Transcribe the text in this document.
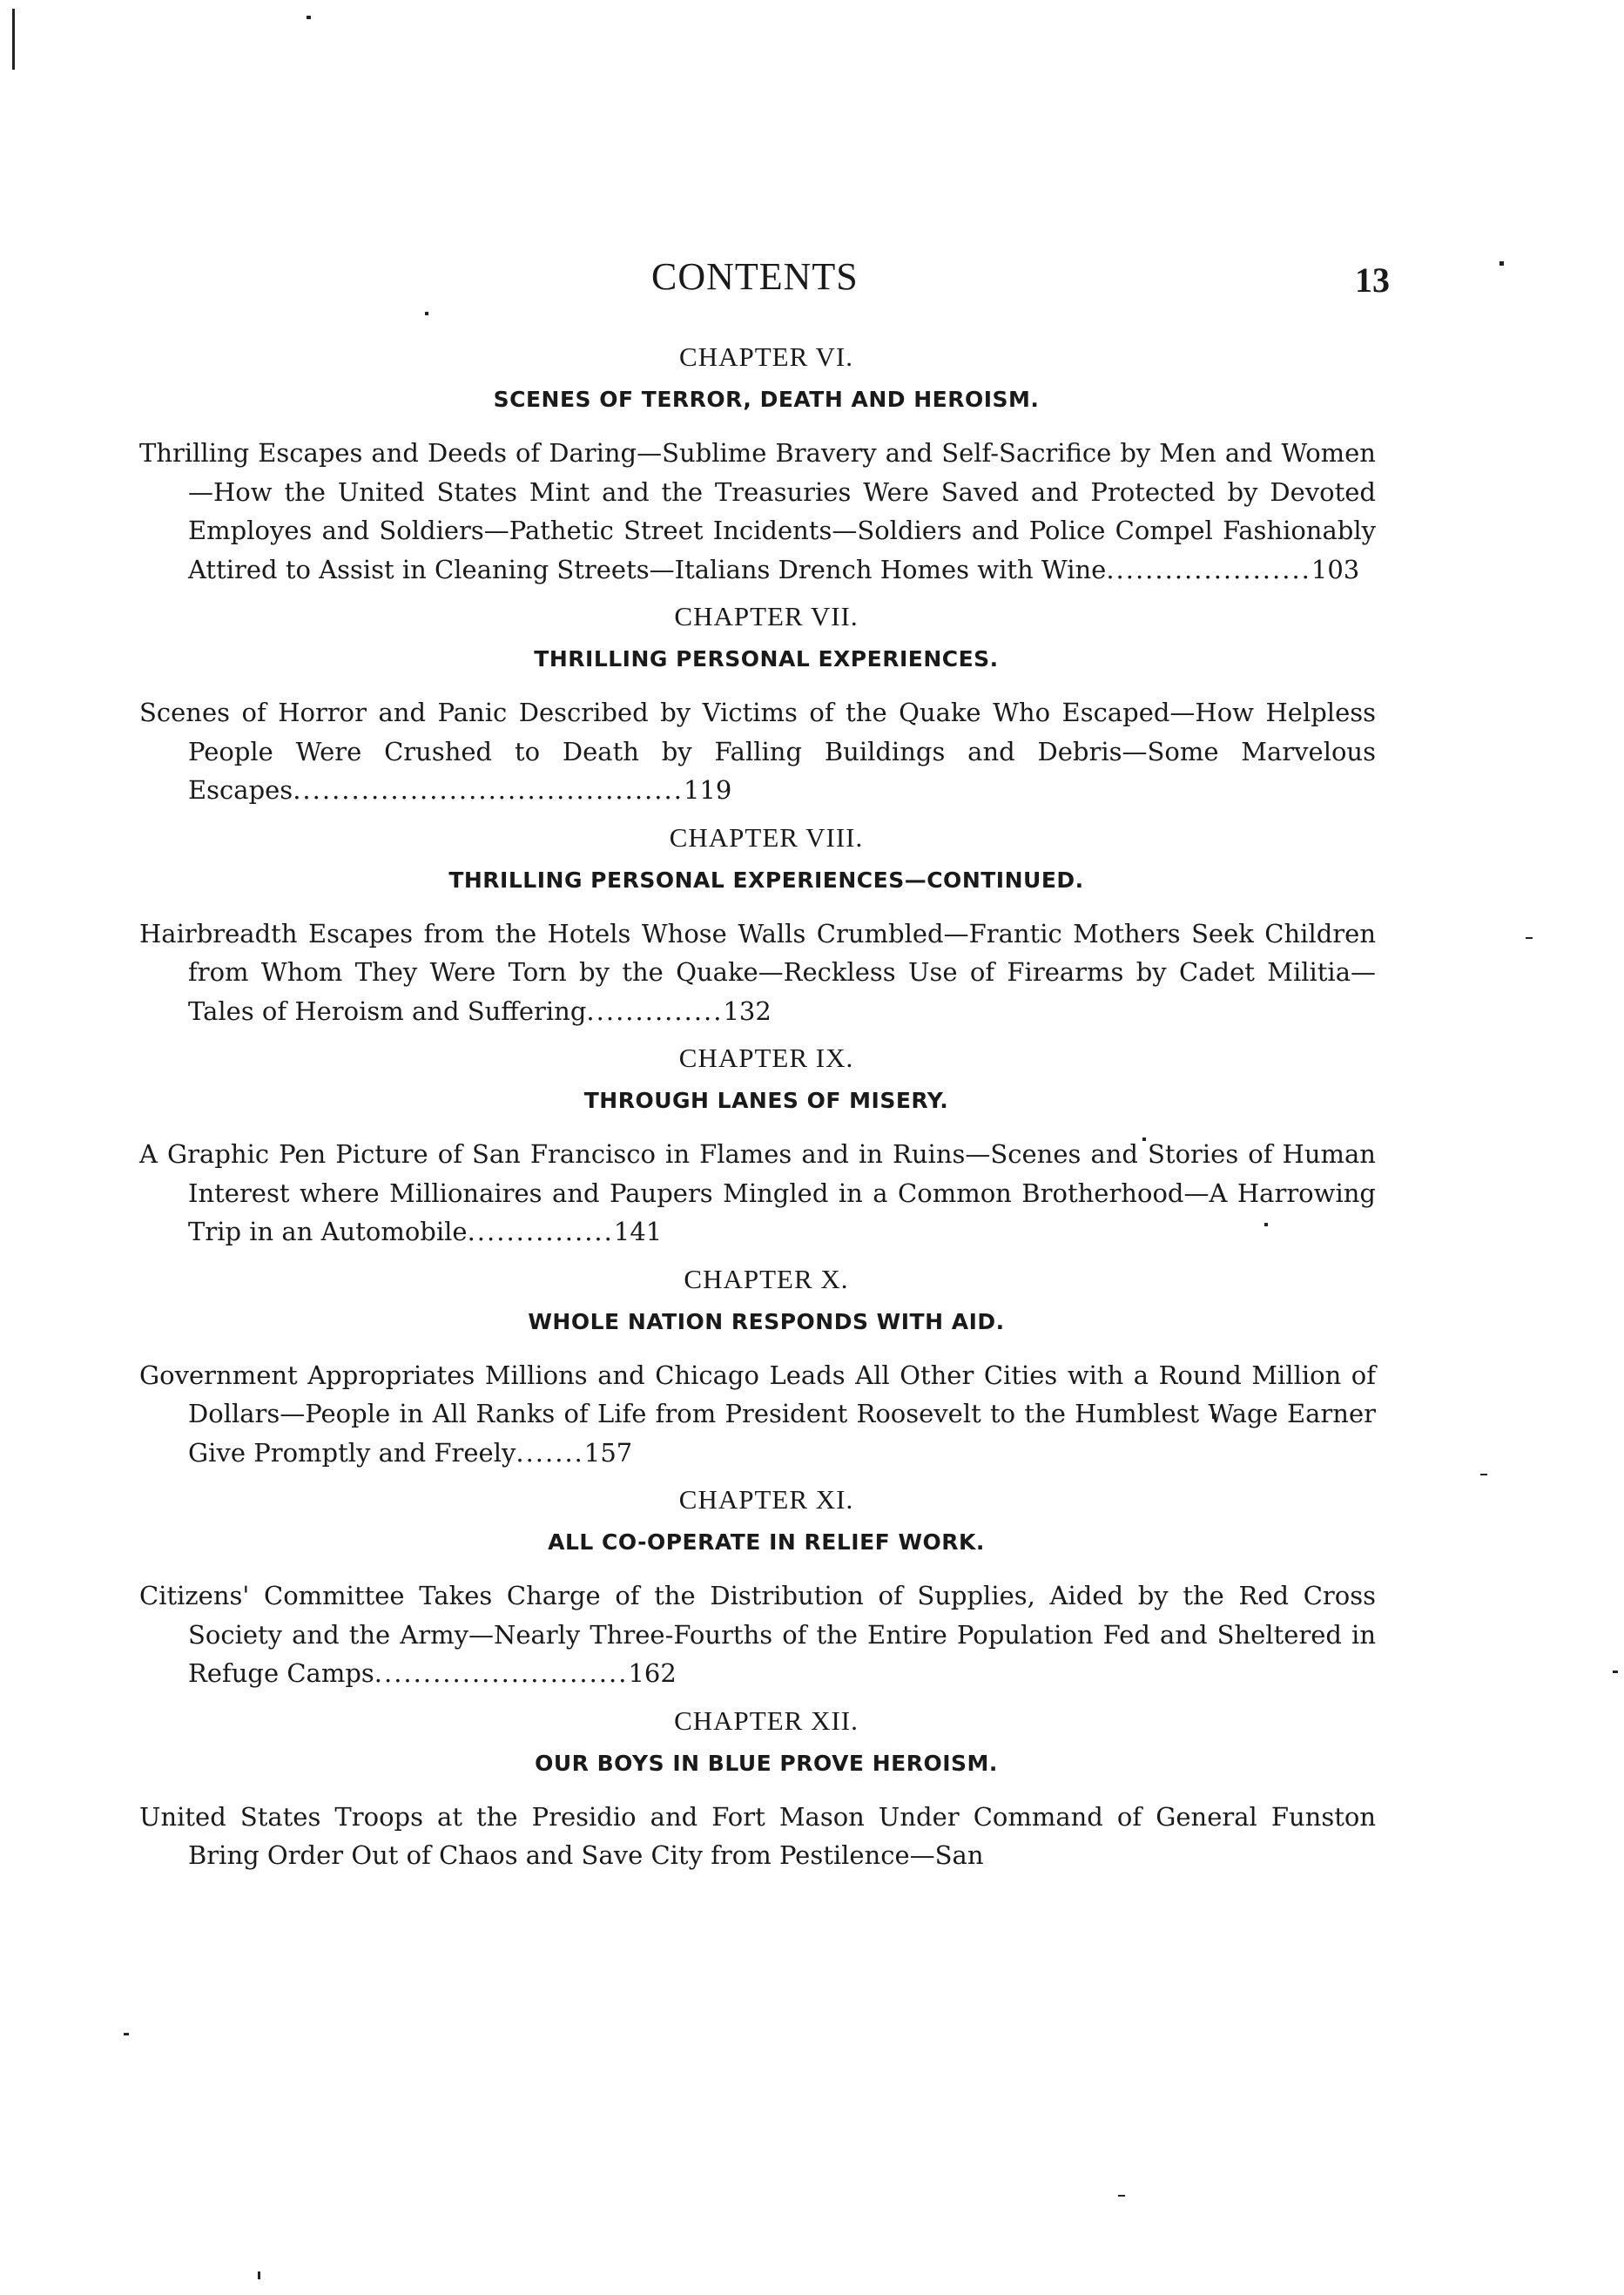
CONTENTS	13
CHAPTER VI.
SCENES OF TERROR, DEATH AND HEROISM.
Thrilling Escapes and Deeds of Daring—Sublime Bravery and Self-Sacrifice by Men and Women—How the United States Mint and the Treasuries Were Saved and Protected by Devoted Employes and Soldiers—Pathetic Street Incidents—Soldiers and Police Compel Fashionably Attired to Assist in Cleaning Streets—Italians Drench Homes with Wine.....................103
CHAPTER VII.
THRILLING PERSONAL EXPERIENCES.
Scenes of Horror and Panic Described by Victims of the Quake Who Escaped—How Helpless People Were Crushed to Death by Falling Buildings and Debris—Some Marvelous Escapes........................................119
CHAPTER VIII.
THRILLING PERSONAL EXPERIENCES—CONTINUED.
Hairbreadth Escapes from the Hotels Whose Walls Crumbled—Frantic Mothers Seek Children from Whom They Were Torn by the Quake—Reckless Use of Firearms by Cadet Militia—Tales of Heroism and Suffering..............132
CHAPTER IX.
THROUGH LANES OF MISERY.
A Graphic Pen Picture of San Francisco in Flames and in Ruins—Scenes and Stories of Human Interest where Millionaires and Paupers Mingled in a Common Brotherhood—A Harrowing Trip in an Automobile...............141
CHAPTER X.
WHOLE NATION RESPONDS WITH AID.
Government Appropriates Millions and Chicago Leads All Other Cities with a Round Million of Dollars—People in All Ranks of Life from President Roosevelt to the Humblest Wage Earner Give Promptly and Freely.......157
CHAPTER XI.
ALL CO-OPERATE IN RELIEF WORK.
Citizens' Committee Takes Charge of the Distribution of Supplies, Aided by the Red Cross Society and the Army—Nearly Three-Fourths of the Entire Population Fed and Sheltered in Refuge Camps..........................162
CHAPTER XII.
OUR BOYS IN BLUE PROVE HEROISM.
United States Troops at the Presidio and Fort Mason Under Command of General Funston Bring Order Out of Chaos and Save City from Pestilence—San
